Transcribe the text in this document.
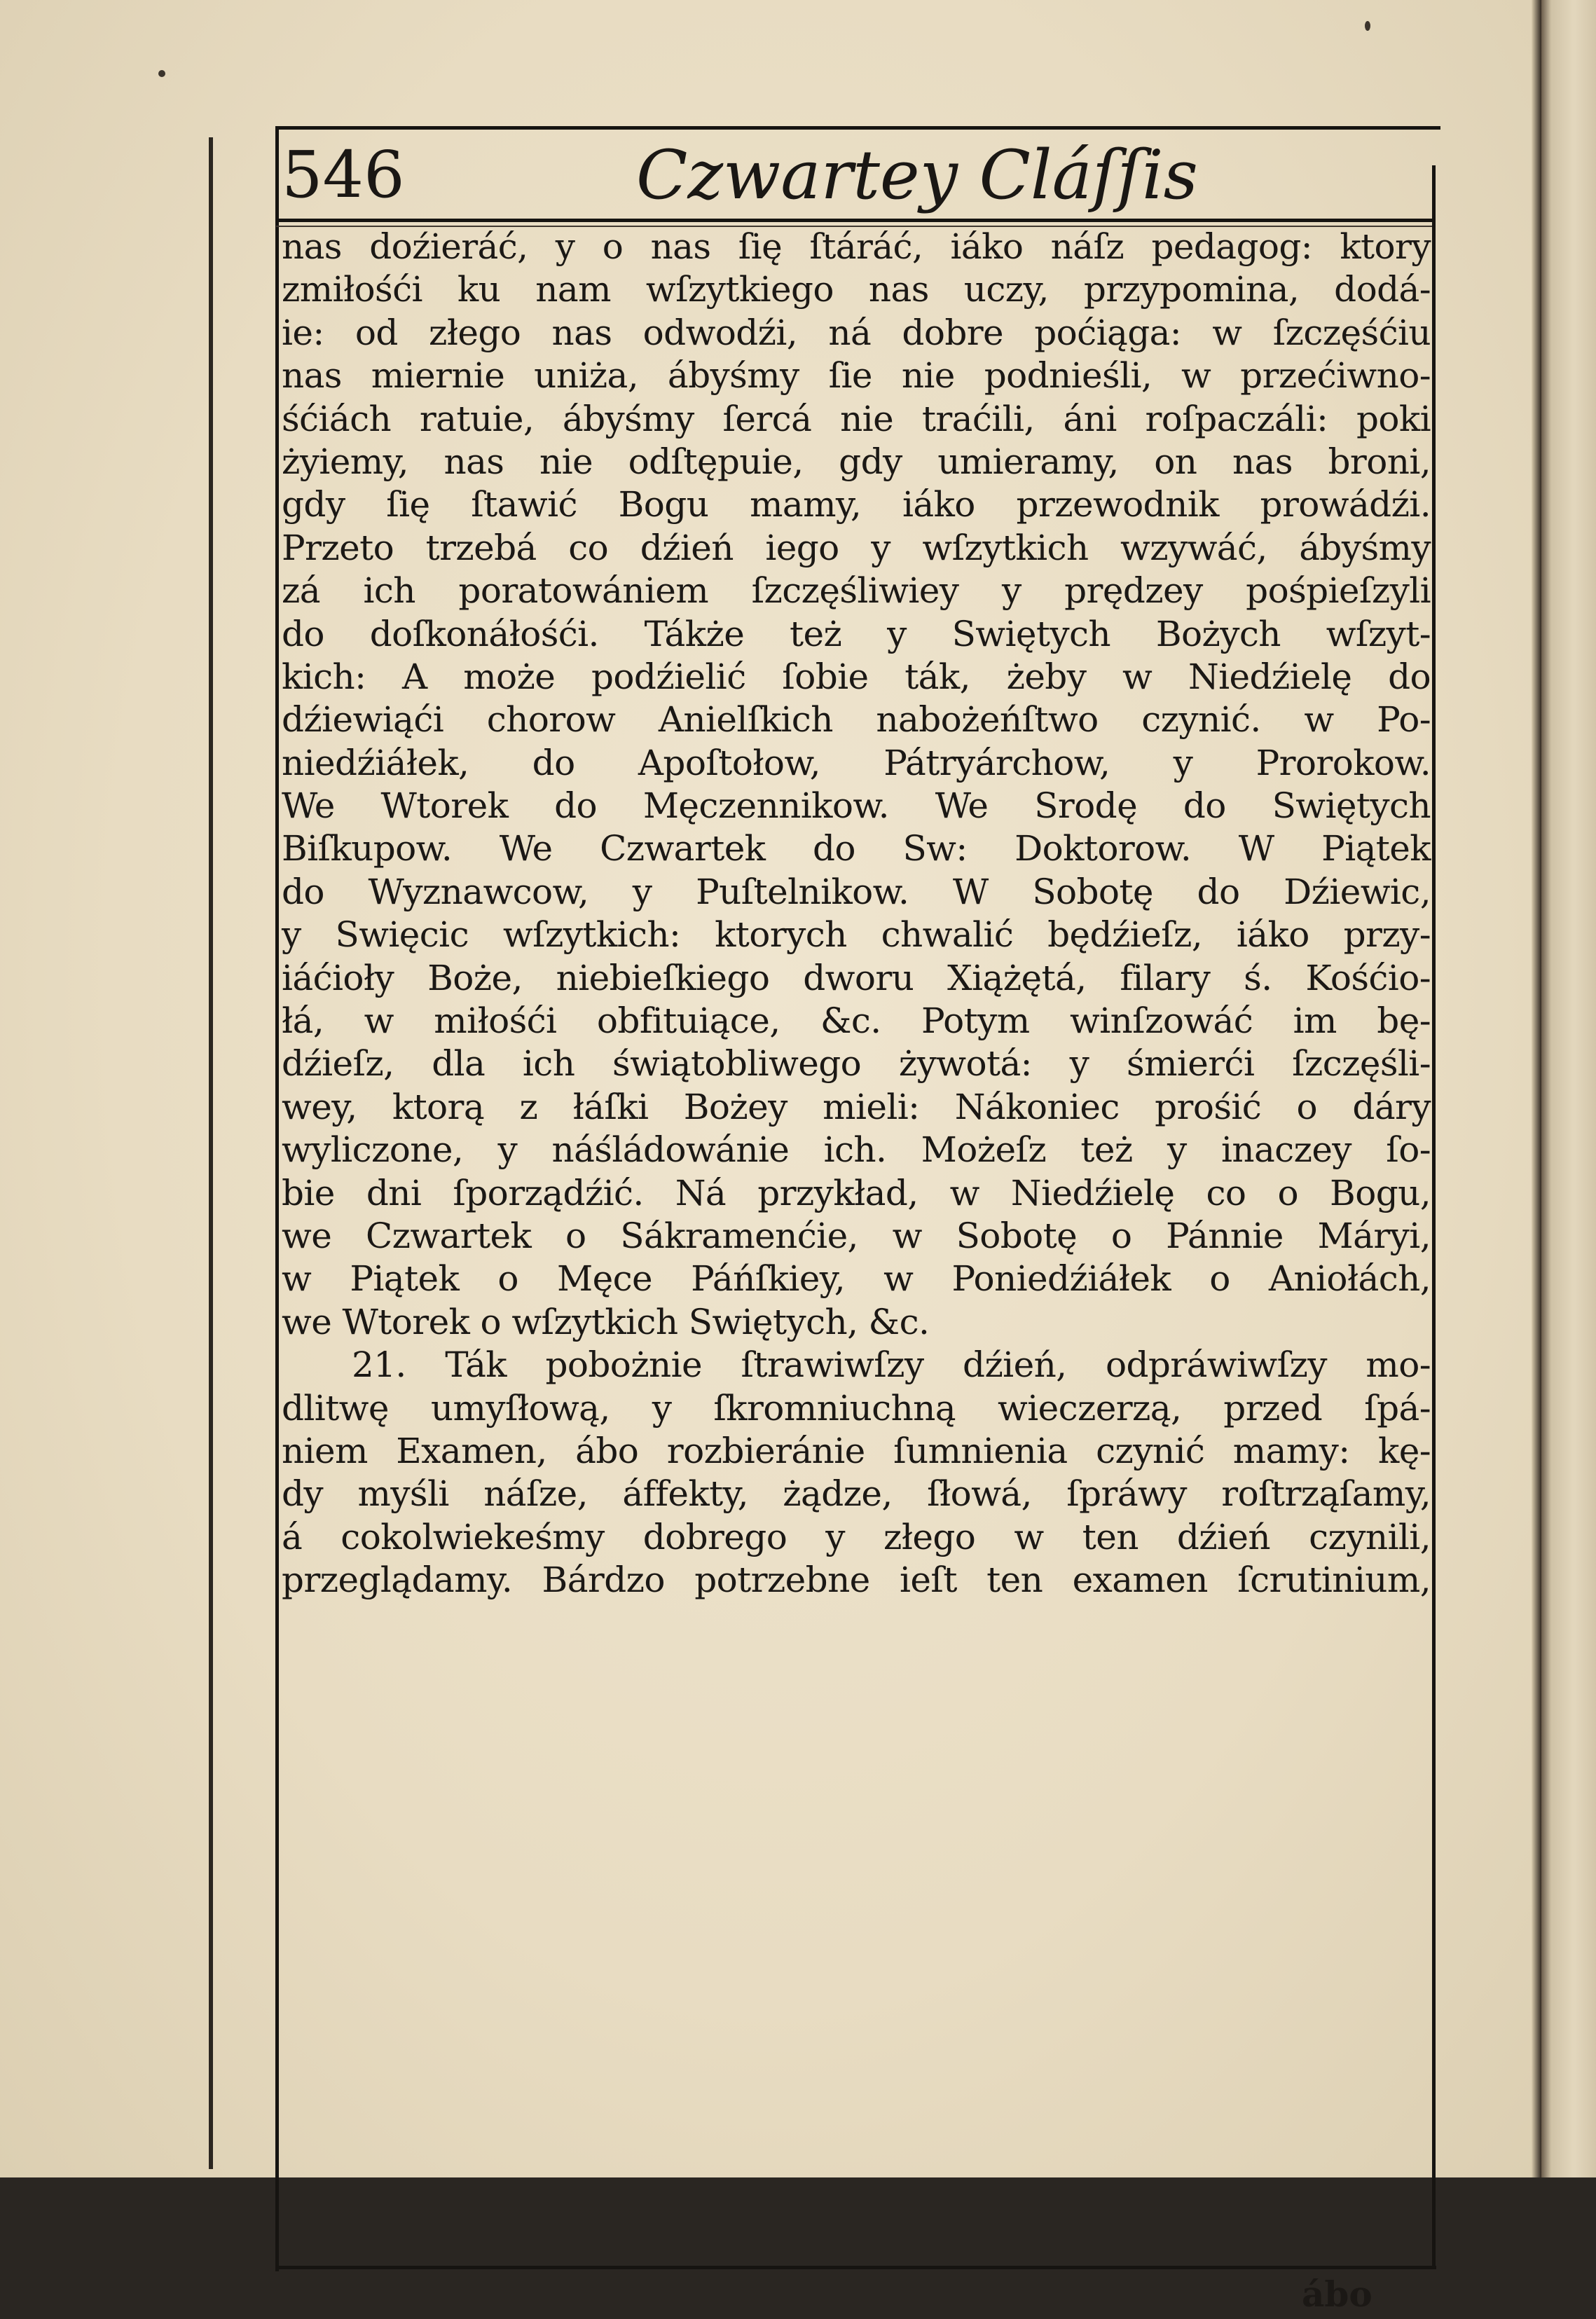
546	Czwartey Cláſſis
nas doźieráć, y o nas ſię ſtáráć, iáko náſz pedagog: ktory
zmiłośći ku nam wſzytkiego nas uczy, przypomina, dodá-
ie: od złego nas odwodźi, ná dobre poćiąga: w ſzczęśćiu
nas miernie uniża, ábyśmy ſie nie podnieśli, w przećiwno-
śćiách ratuie, ábyśmy ſercá nie traćili, áni roſpaczáli: poki
żyiemy, nas nie odſtępuie, gdy umieramy, on nas broni,
gdy ſię ſtawić Bogu mamy, iáko przewodnik prowádźi.
Przeto trzebá co dźień iego y wſzytkich wzywáć, ábyśmy
zá ich poratowániem ſzczęśliwiey y prędzey pośpieſzyli
do doſkonáłośći. Tákże też y Swiętych Bożych wſzyt-
kich: A może podźielić ſobie ták, żeby w Niedźielę do
dźiewiąći chorow Anielſkich nabożeńſtwo czynić. w Po-
niedźiáłek, do Apoſtołow, Pátryárchow, y Prorokow.
We Wtorek do Męczennikow. We Srodę do Swiętych
Biſkupow. We Czwartek do Sw: Doktorow. W Piątek
do Wyznawcow, y Puſtelnikow. W Sobotę do Dźiewic,
y Swięcic wſzytkich: ktorych chwalić będźieſz, iáko przy-
iáćioły Boże, niebieſkiego dworu Xiążętá, filary ś. Kośćio-
łá, w miłośći obfituiące, &c. Potym winſzowáć im bę-
dźieſz, dla ich świątobliwego żywotá: y śmierći ſzczęśli-
wey, ktorą z łáſki Bożey mieli: Nákoniec prośić o dáry
wyliczone, y náśládowánie ich. Możeſz też y inaczey ſo-
bie dni ſporządźić. Ná przykład, w Niedźielę co o Bogu,
we Czwartek o Sákramenćie, w Sobotę o Pánnie Máryi,
w Piątek o Męce Páńſkiey, w Poniedźiáłek o Aniołách,
we Wtorek o wſzytkich Swiętych, &c.
21. Ták pobożnie ſtrawiwſzy dźień, odpráwiwſzy mo-
dlitwę umyſłową, y ſkromniuchną wieczerzą, przed ſpá-
niem Examen, ábo rozbieránie ſumnienia czynić mamy: kę-
dy myśli náſze, áffekty, żądze, ſłowá, ſpráwy roſtrząſamy,
á cokolwiekeśmy dobrego y złego w ten dźień czynili,
przeglądamy. Bárdzo potrzebne ieſt ten examen ſcrutinium,
ábo
